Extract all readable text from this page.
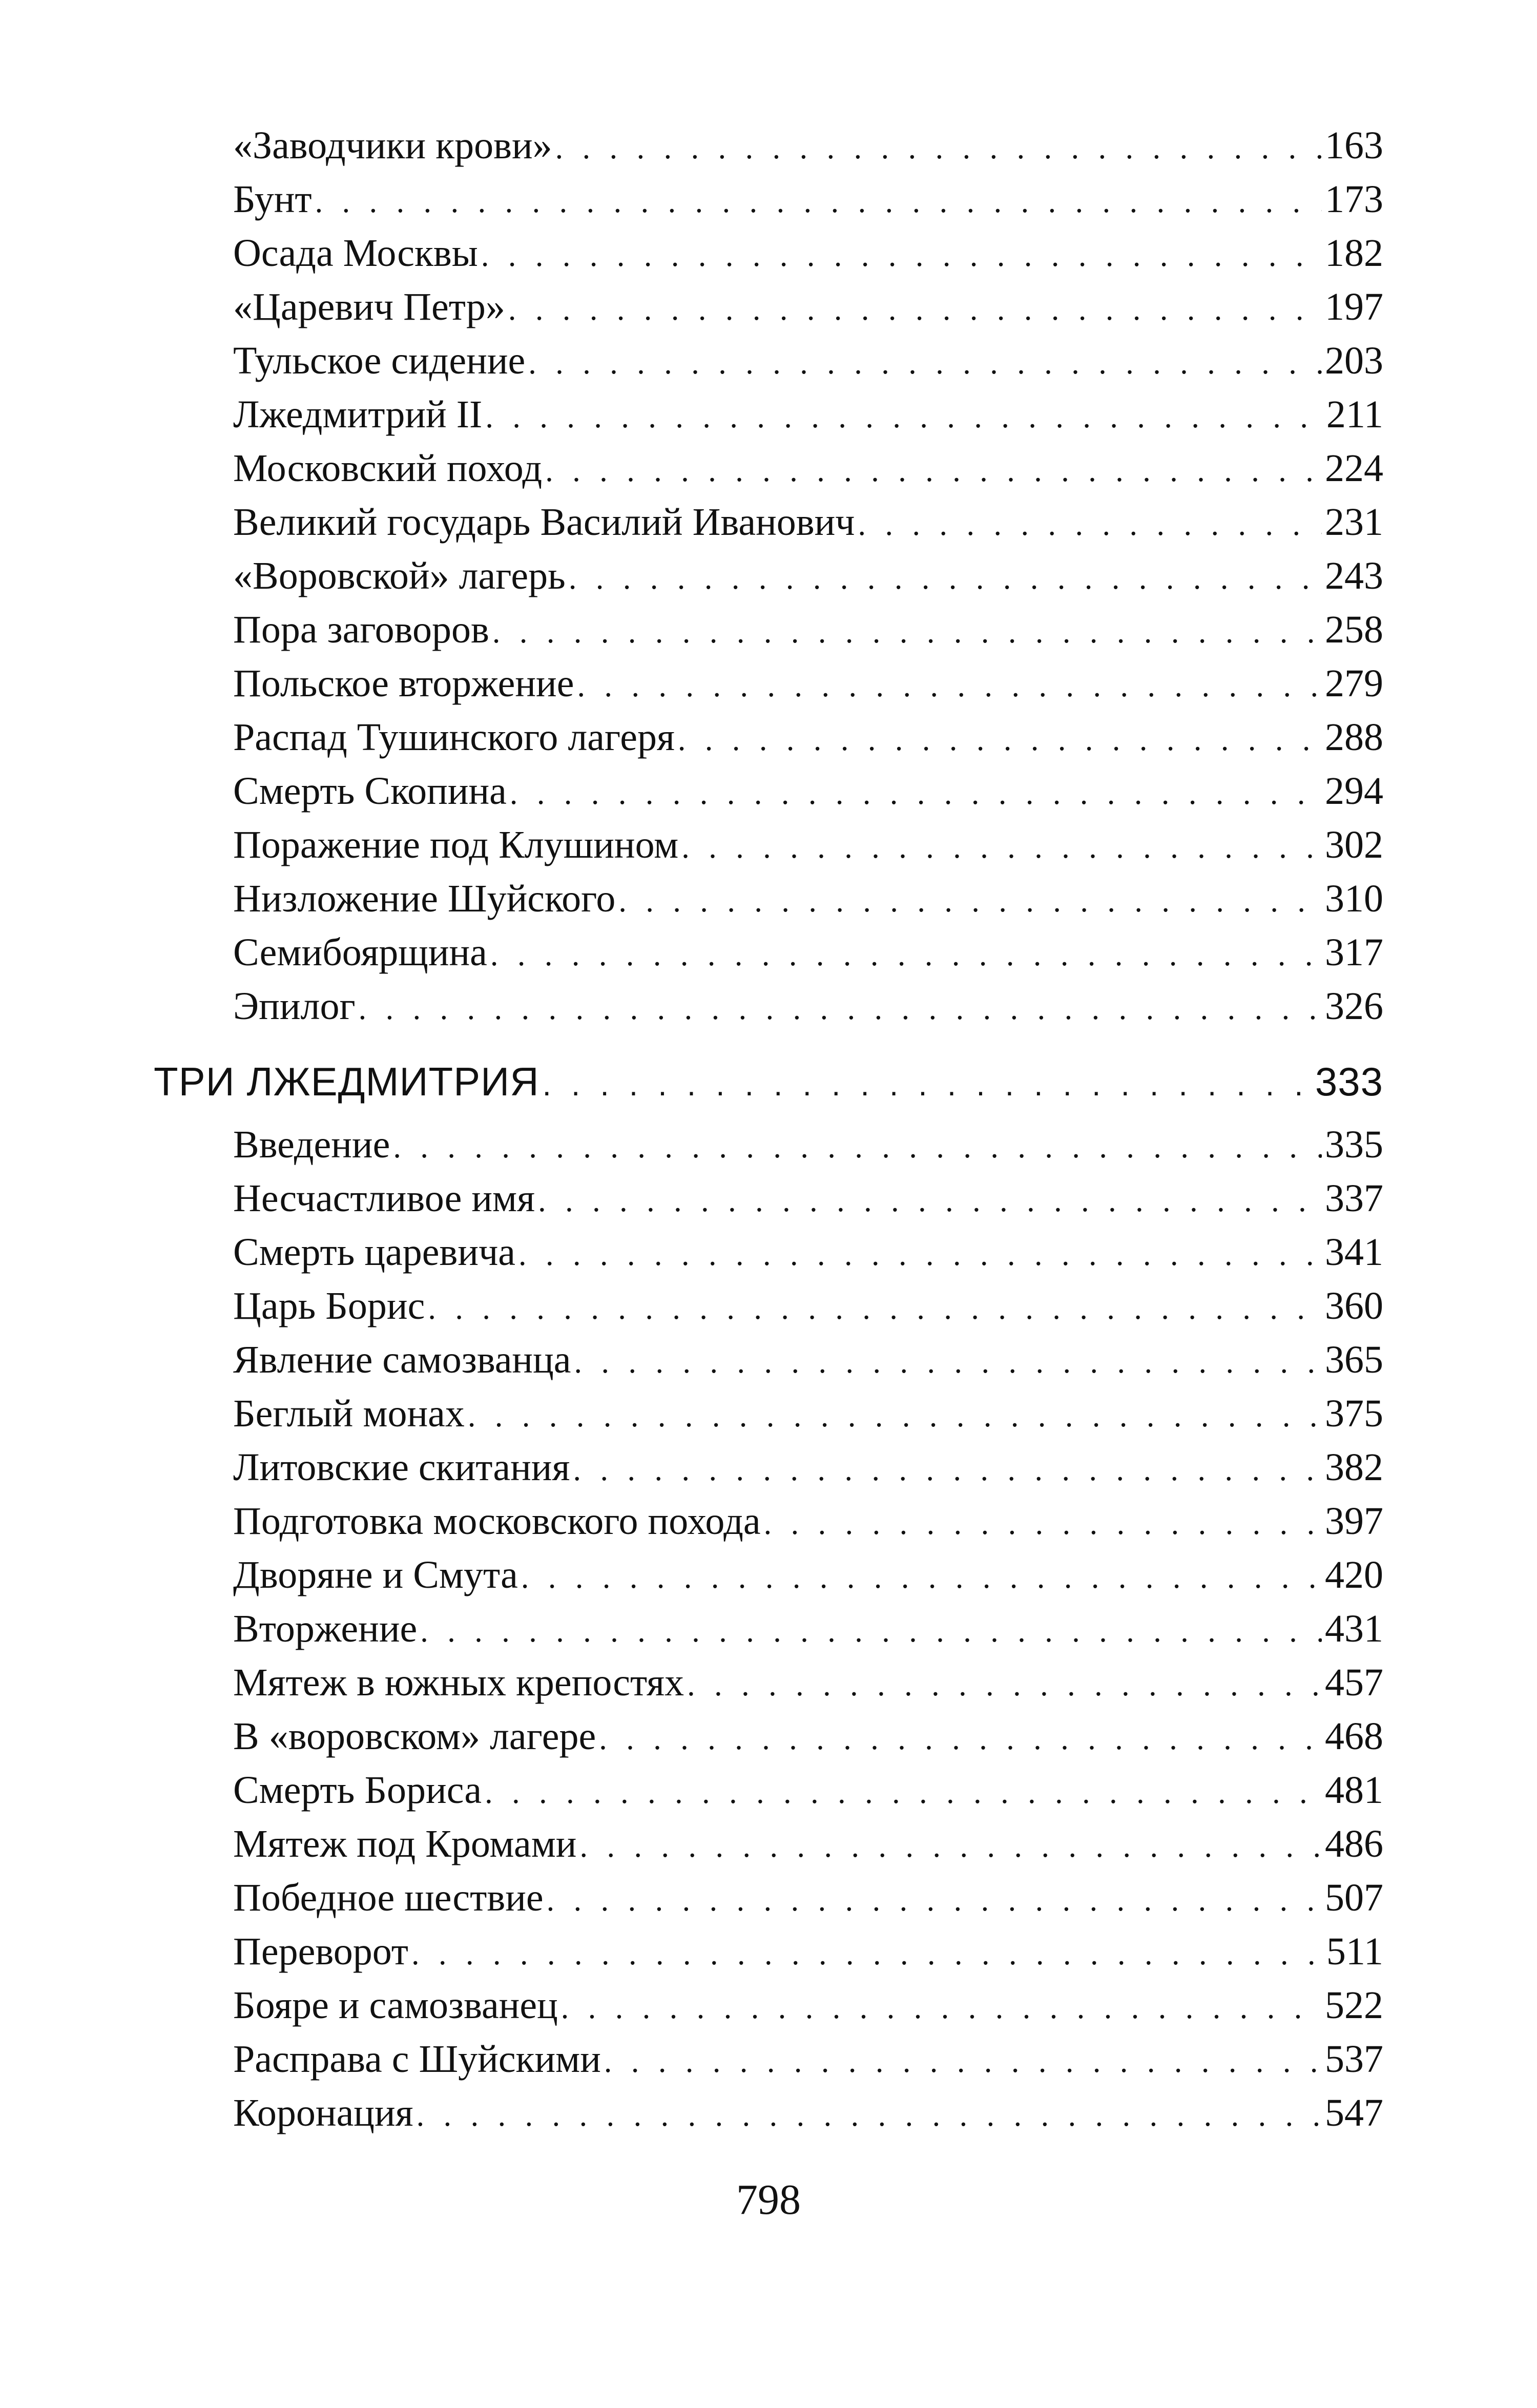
«Заводчики крови» . . .	163
Бунт . . .	173
Осада Москвы . . .	182
«Царевич Петр» . . .	197
Тульское сидение . . .	203
Лжедмитрий II . . .	211
Московский поход . . .	224
Великий государь Василий Иванович . . .	231
«Воровской» лагерь . . .	243
Пора заговоров . . .	258
Польское вторжение . . .	279
Распад Тушинского лагеря . . .	288
Смерть Скопина . . .	294
Поражение под Клушином . . .	302
Низложение Шуйского . . .	310
Семибоярщина . . .	317
Эпилог . . .	326
ТРИ ЛЖЕДМИТРИЯ . . .	333
Введение . . .	335
Несчастливое имя . . .	337
Смерть царевича . . .	341
Царь Борис . . .	360
Явление самозванца . . .	365
Беглый монах . . .	375
Литовские скитания . . .	382
Подготовка московского похода . . .	397
Дворяне и Смута . . .	420
Вторжение . . .	431
Мятеж в южных крепостях . . .	457
В «воровском» лагере . . .	468
Смерть Бориса . . .	481
Мятеж под Кромами . . .	486
Победное шествие . . .	507
Переворот . . .	511
Бояре и самозванец . . .	522
Расправа с Шуйскими . . .	537
Коронация . . .	547
798
